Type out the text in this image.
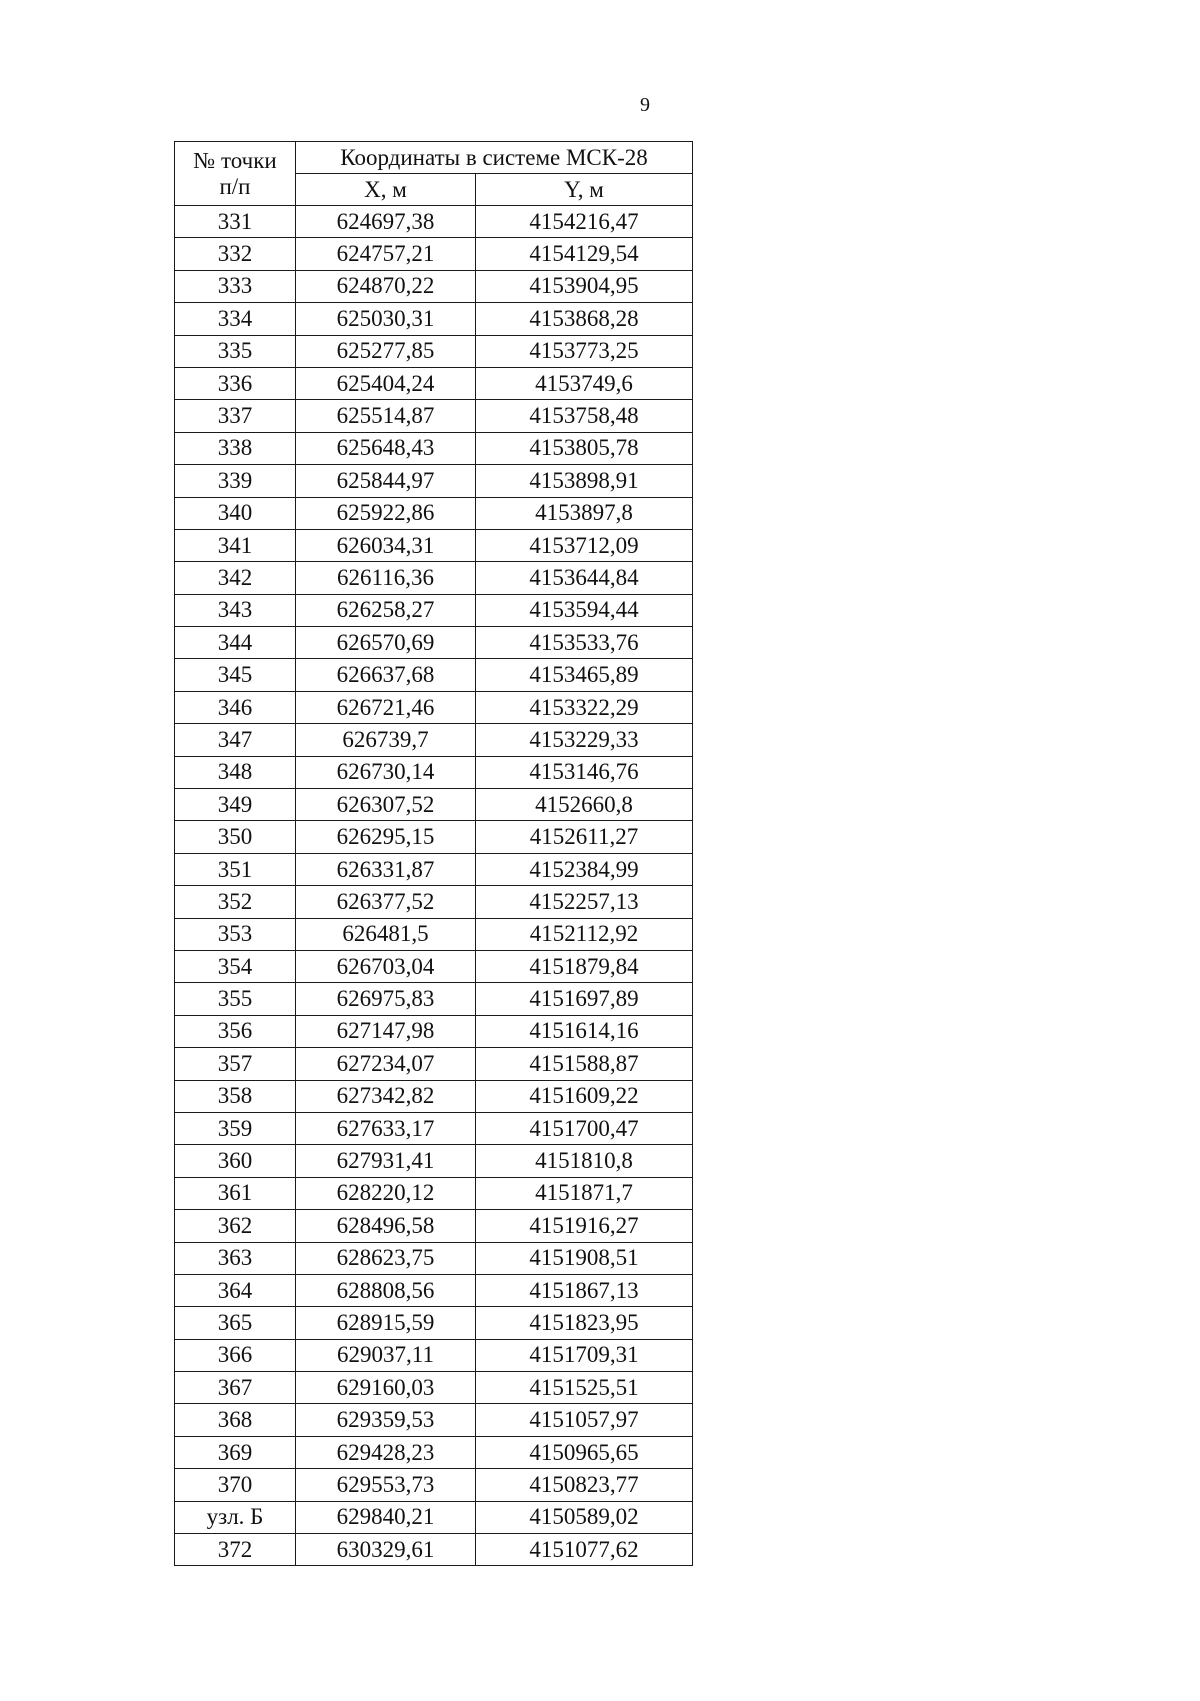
9
№ точки
п/п	Координаты в системе МСК-28	
	X, м	Y, м
331	624697,38	4154216,47
332	624757,21	4154129,54
333	624870,22	4153904,95
334	625030,31	4153868,28
335	625277,85	4153773,25
336	625404,24	4153749,6
337	625514,87	4153758,48
338	625648,43	4153805,78
339	625844,97	4153898,91
340	625922,86	4153897,8
341	626034,31	4153712,09
342	626116,36	4153644,84
343	626258,27	4153594,44
344	626570,69	4153533,76
345	626637,68	4153465,89
346	626721,46	4153322,29
347	626739,7	4153229,33
348	626730,14	4153146,76
349	626307,52	4152660,8
350	626295,15	4152611,27
351	626331,87	4152384,99
352	626377,52	4152257,13
353	626481,5	4152112,92
354	626703,04	4151879,84
355	626975,83	4151697,89
356	627147,98	4151614,16
357	627234,07	4151588,87
358	627342,82	4151609,22
359	627633,17	4151700,47
360	627931,41	4151810,8
361	628220,12	4151871,7
362	628496,58	4151916,27
363	628623,75	4151908,51
364	628808,56	4151867,13
365	628915,59	4151823,95
366	629037,11	4151709,31
367	629160,03	4151525,51
368	629359,53	4151057,97
369	629428,23	4150965,65
370	629553,73	4150823,77
узл. Б	629840,21	4150589,02
372	630329,61	4151077,62
